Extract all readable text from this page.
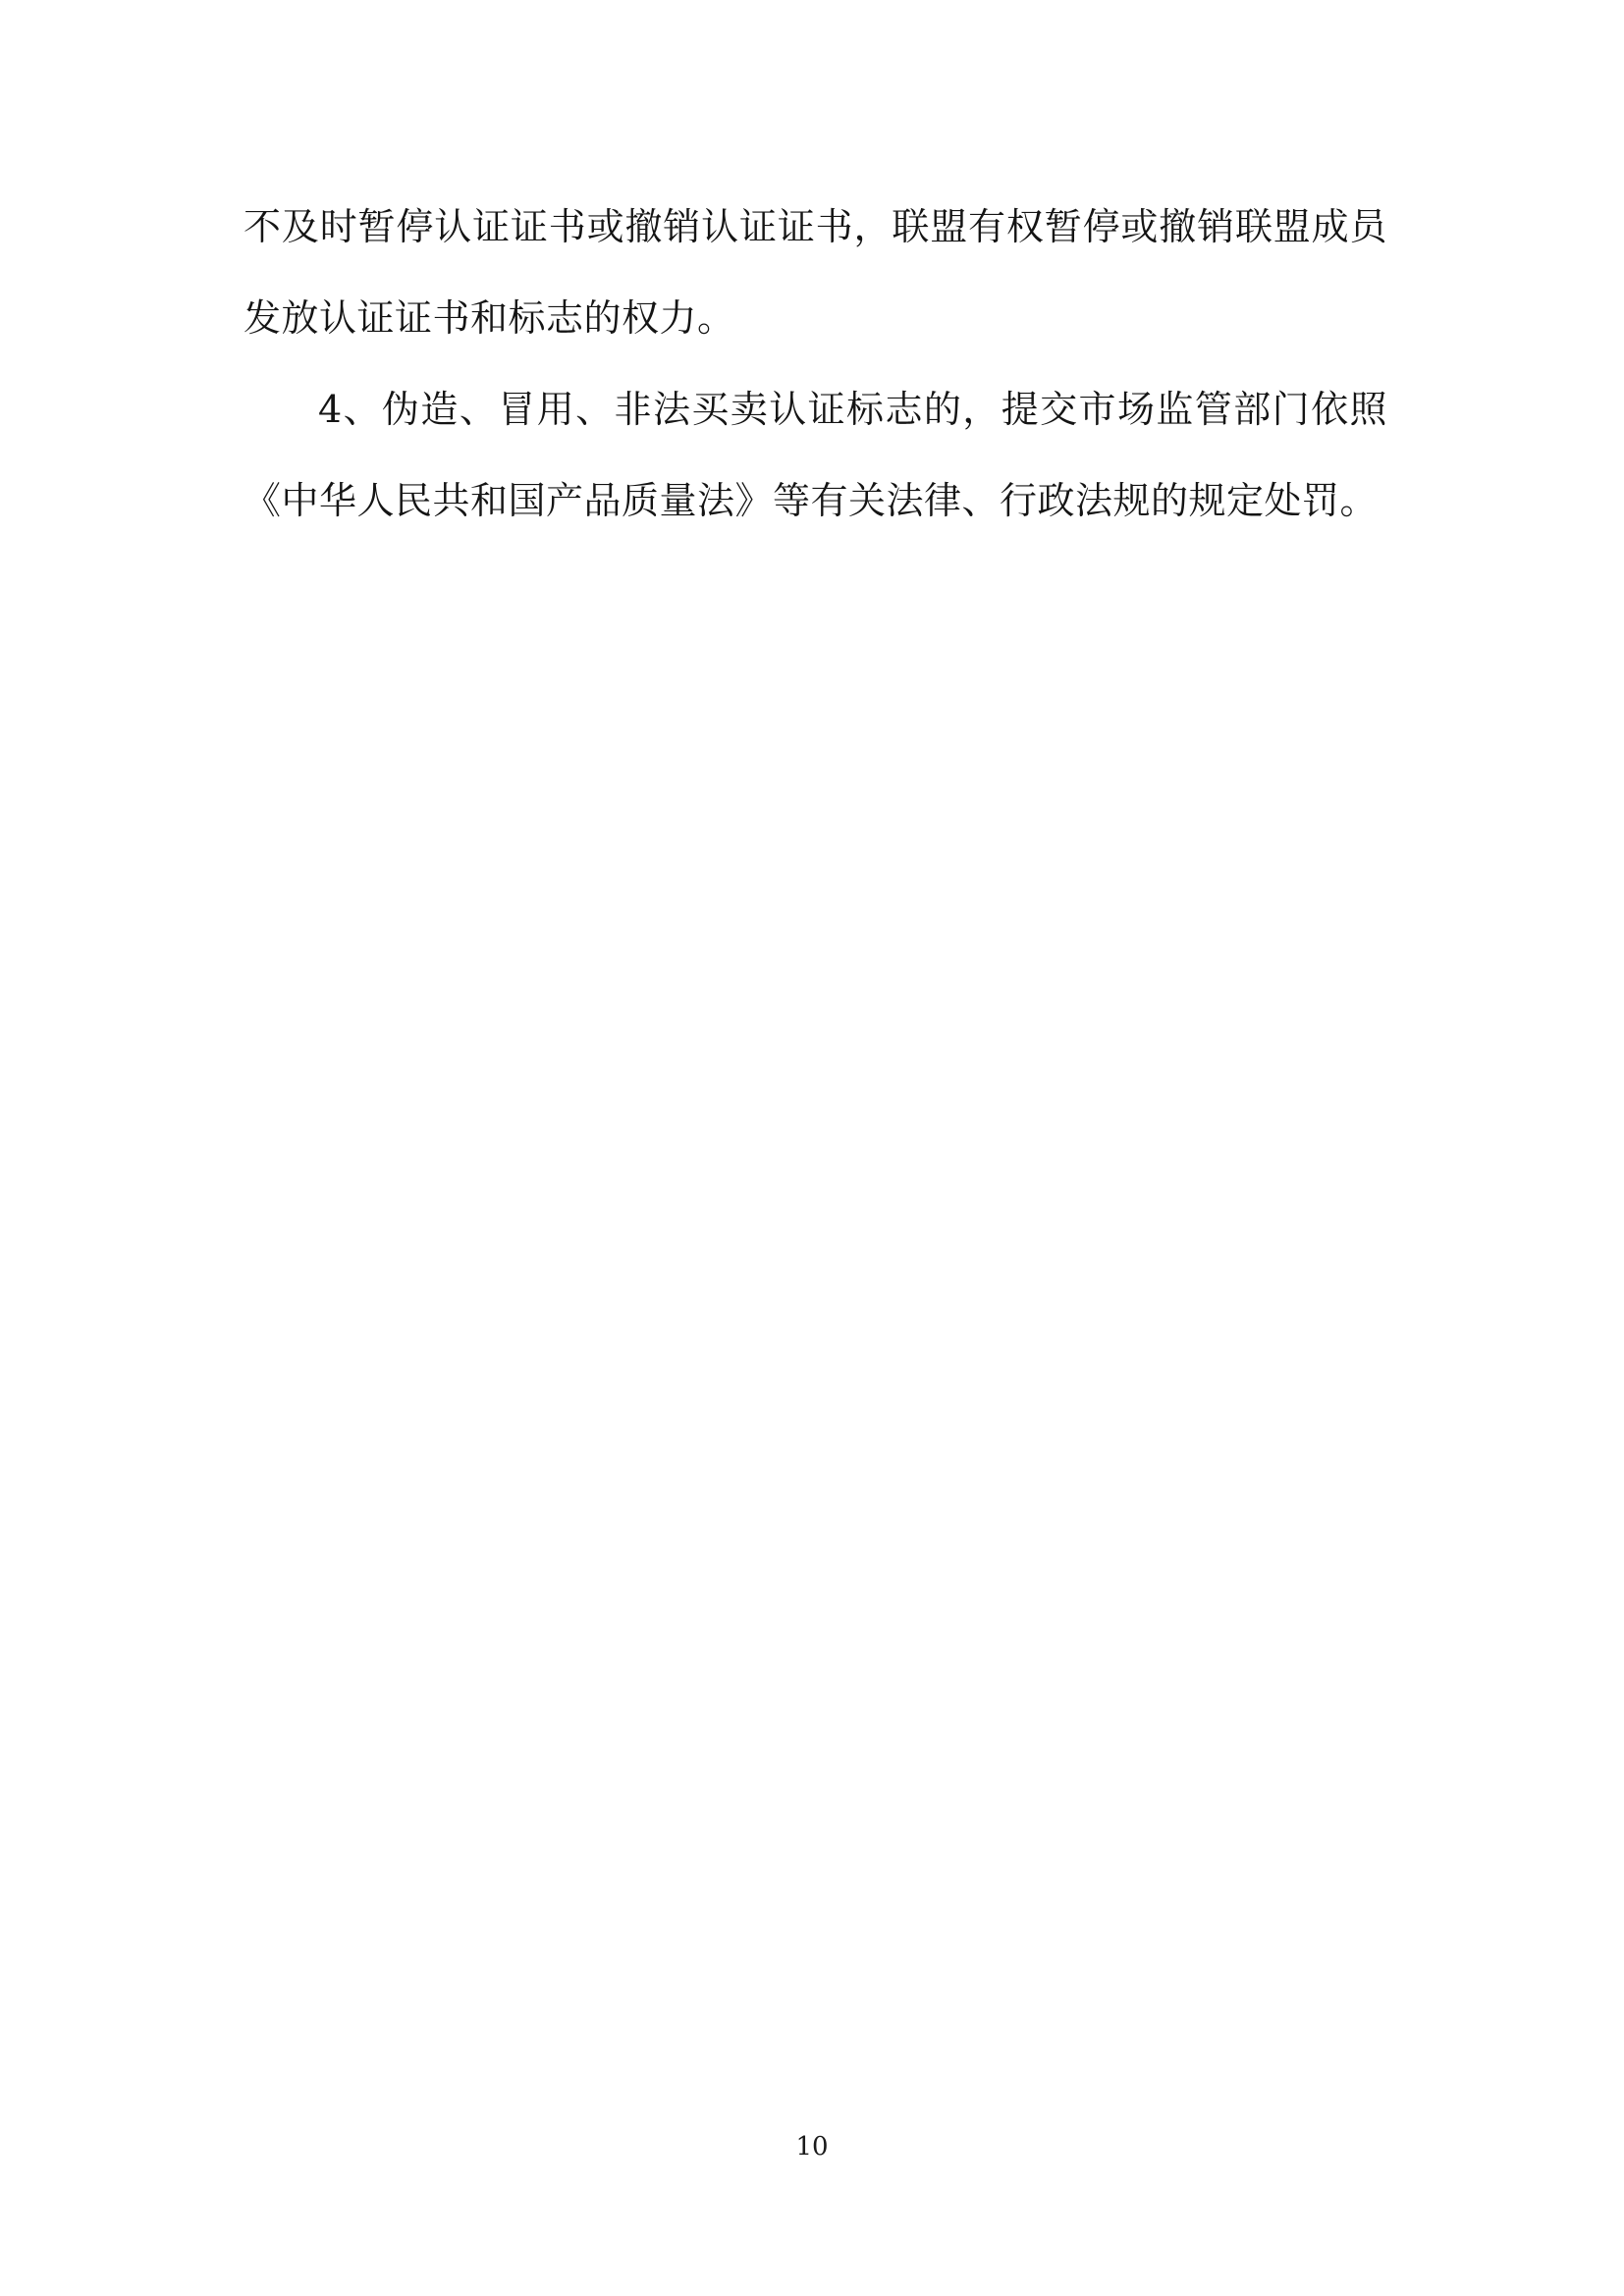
不及时暂停认证证书或撤销认证证书，联盟有权暂停或撤销联盟成员发放认证证书和标志的权力。

4、伪造、冒用、非法买卖认证标志的，提交市场监管部门依照《中华人民共和国产品质量法》等有关法律、行政法规的规定处罚。

10
